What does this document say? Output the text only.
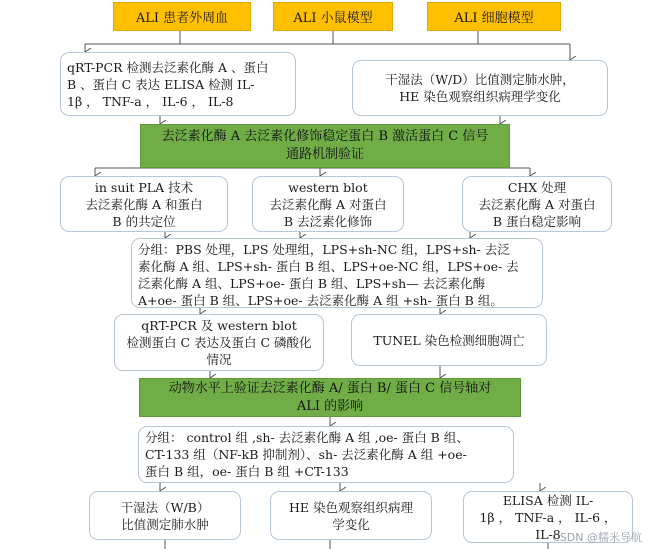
ALI 患者外周血	ALI 小鼠模型	ALI 细胞模型
qRT-PCR 检测去泛素化酶 A 、蛋白
B 、蛋白 C 表达 ELISA 检测 IL-
1β ， TNF-a ， IL-6 ， IL-8
干湿法（W/D）比值测定肺水肿，
HE 染色观察组织病理学变化
去泛素化酶 A 去泛素化修饰稳定蛋白 B 激活蛋白 C 信号
通路机制验证
in suit PLA 技术
去泛素化酶 A 和蛋白
B 的共定位
western blot
去泛素化酶 A 对蛋白
B 去泛素化修饰
CHX 处理
去泛素化酶 A 对蛋白
B 蛋白稳定影响
分组：PBS 处理，LPS 处理组，LPS+sh-NC 组，LPS+sh- 去泛
素化酶 A 组、LPS+sh- 蛋白 B 组、LPS+oe-NC 组，LPS+oe- 去
泛素化酶 A 组、LPS+oe- 蛋白 B 组、LPS+sh— 去泛素化酶
A+oe- 蛋白 B 组、LPS+oe- 去泛素化酶 A 组 +sh- 蛋白 B 组。
qRT-PCR 及 western blot
检测蛋白 C 表达及蛋白 C 磷酸化
情况
TUNEL 染色检测细胞凋亡
动物水平上验证去泛素化酶 A/ 蛋白 B/ 蛋白 C 信号轴对
ALI 的影响
分组： control 组 ,sh- 去泛素化酶 A 组 ,oe- 蛋白 B 组、
CT-133 组（NF-kB 抑制剂）、sh- 去泛素化酶 A 组 +oe-
蛋白 B 组，oe- 蛋白 B 组 +CT-133
干湿法（W/B）
比值测定肺水肿
HE 染色观察组织病理
学变化
ELISA 检测 IL-
1β ， TNF-a ， IL-6 ，
IL-8
CSDN @糯米导航
